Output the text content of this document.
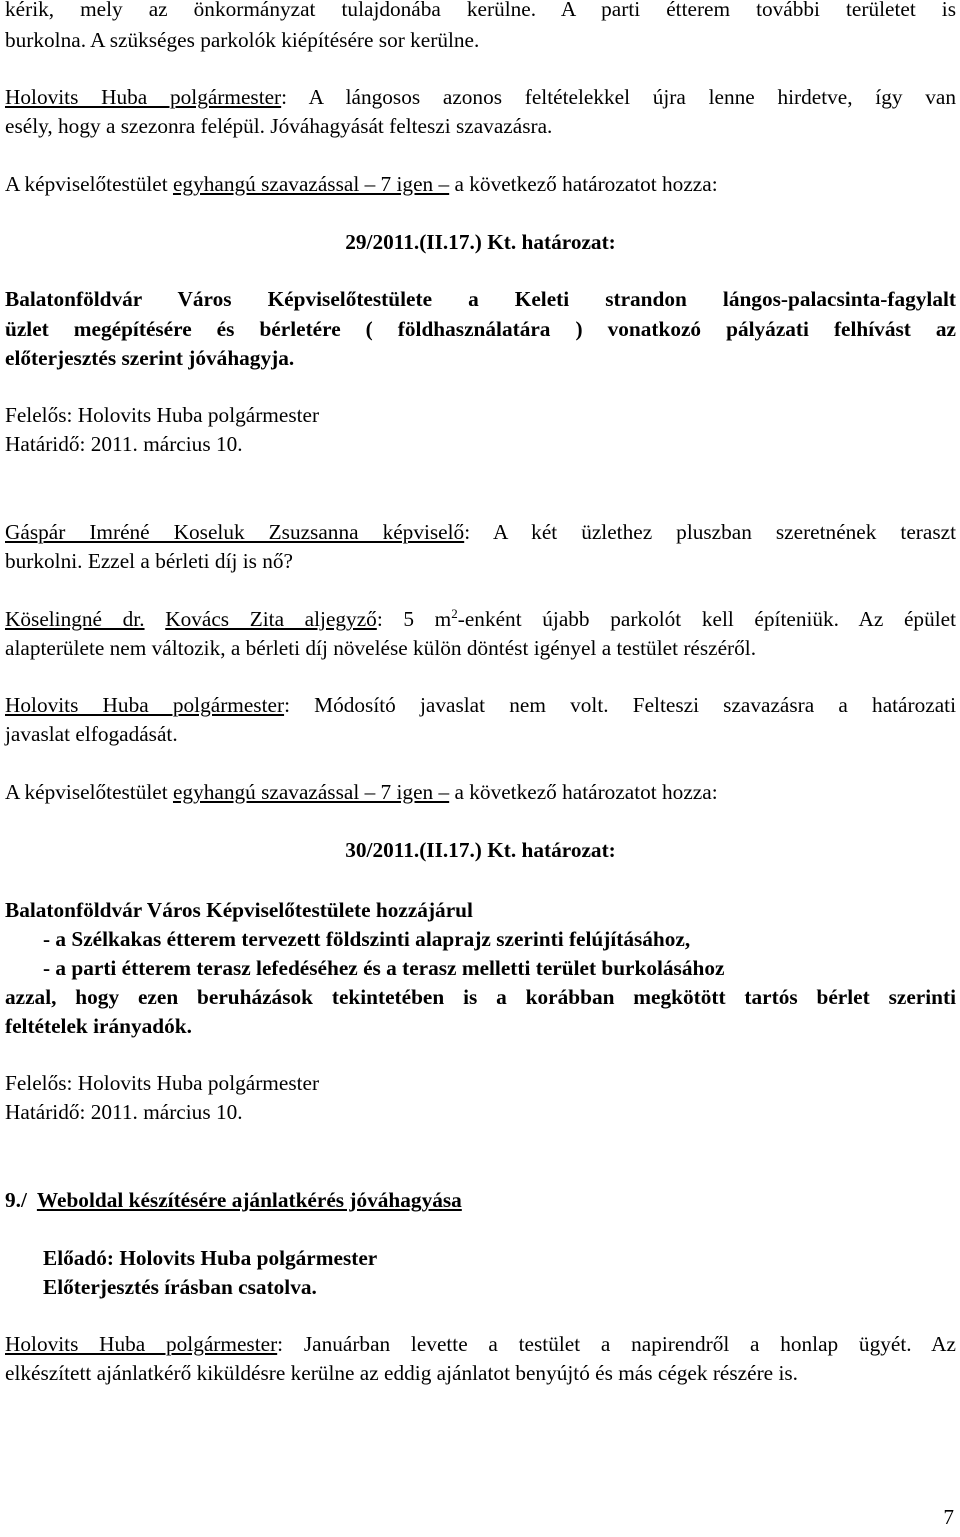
kérik, mely az önkormányzat tulajdonába kerülne. A parti étterem további területet is
burkolna. A szükséges parkolók kiépítésére sor kerülne.
Holovits Huba polgármester: A lángosos azonos feltételekkel újra lenne hirdetve, így van
esély, hogy a szezonra felépül. Jóváhagyását felteszi szavazásra.
A képviselőtestület egyhangú szavazással – 7 igen – a következő határozatot hozza:
29/2011.(II.17.) Kt. határozat:
Balatonföldvár Város Képviselőtestülete a Keleti strandon lángos-palacsinta-fagylalt
üzlet megépítésére és bérletére ( földhasználatára ) vonatkozó pályázati felhívást az
előterjesztés szerint jóváhagyja.
Felelős: Holovits Huba polgármester
Határidő: 2011. március 10.
Gáspár Imréné Koseluk Zsuzsanna képviselő: A két üzlethez pluszban szeretnének teraszt
burkolni. Ezzel a bérleti díj is nő?
Köselingné dr. Kovács Zita aljegyző: 5 $m^2$-enként újabb parkolót kell építeniük. Az épület
alapterülete nem változik, a bérleti díj növelése külön döntést igényel a testület részéről.
Holovits Huba polgármester: Módosító javaslat nem volt. Felteszi szavazásra a határozati
javaslat elfogadását.
A képviselőtestület egyhangú szavazással – 7 igen – a következő határozatot hozza:
30/2011.(II.17.) Kt. határozat:
Balatonföldvár Város Képviselőtestülete hozzájárul
- a Szélkakas étterem tervezett földszinti alaprajz szerinti felújításához,
- a parti étterem terasz lefedéséhez és a terasz melletti terület burkolásához
azzal, hogy ezen beruházások tekintetében is a korábban megkötött tartós bérlet szerinti
feltételek irányadók.
Felelős: Holovits Huba polgármester
Határidő: 2011. március 10.
9./ Weboldal készítésére ajánlatkérés jóváhagyása
Előadó: Holovits Huba polgármester
Előterjesztés írásban csatolva.
Holovits Huba polgármester: Januárban levette a testület a napirendről a honlap ügyét. Az
elkészített ajánlatkérő kiküldésre kerülne az eddig ajánlatot benyújtó és más cégek részére is.
7
